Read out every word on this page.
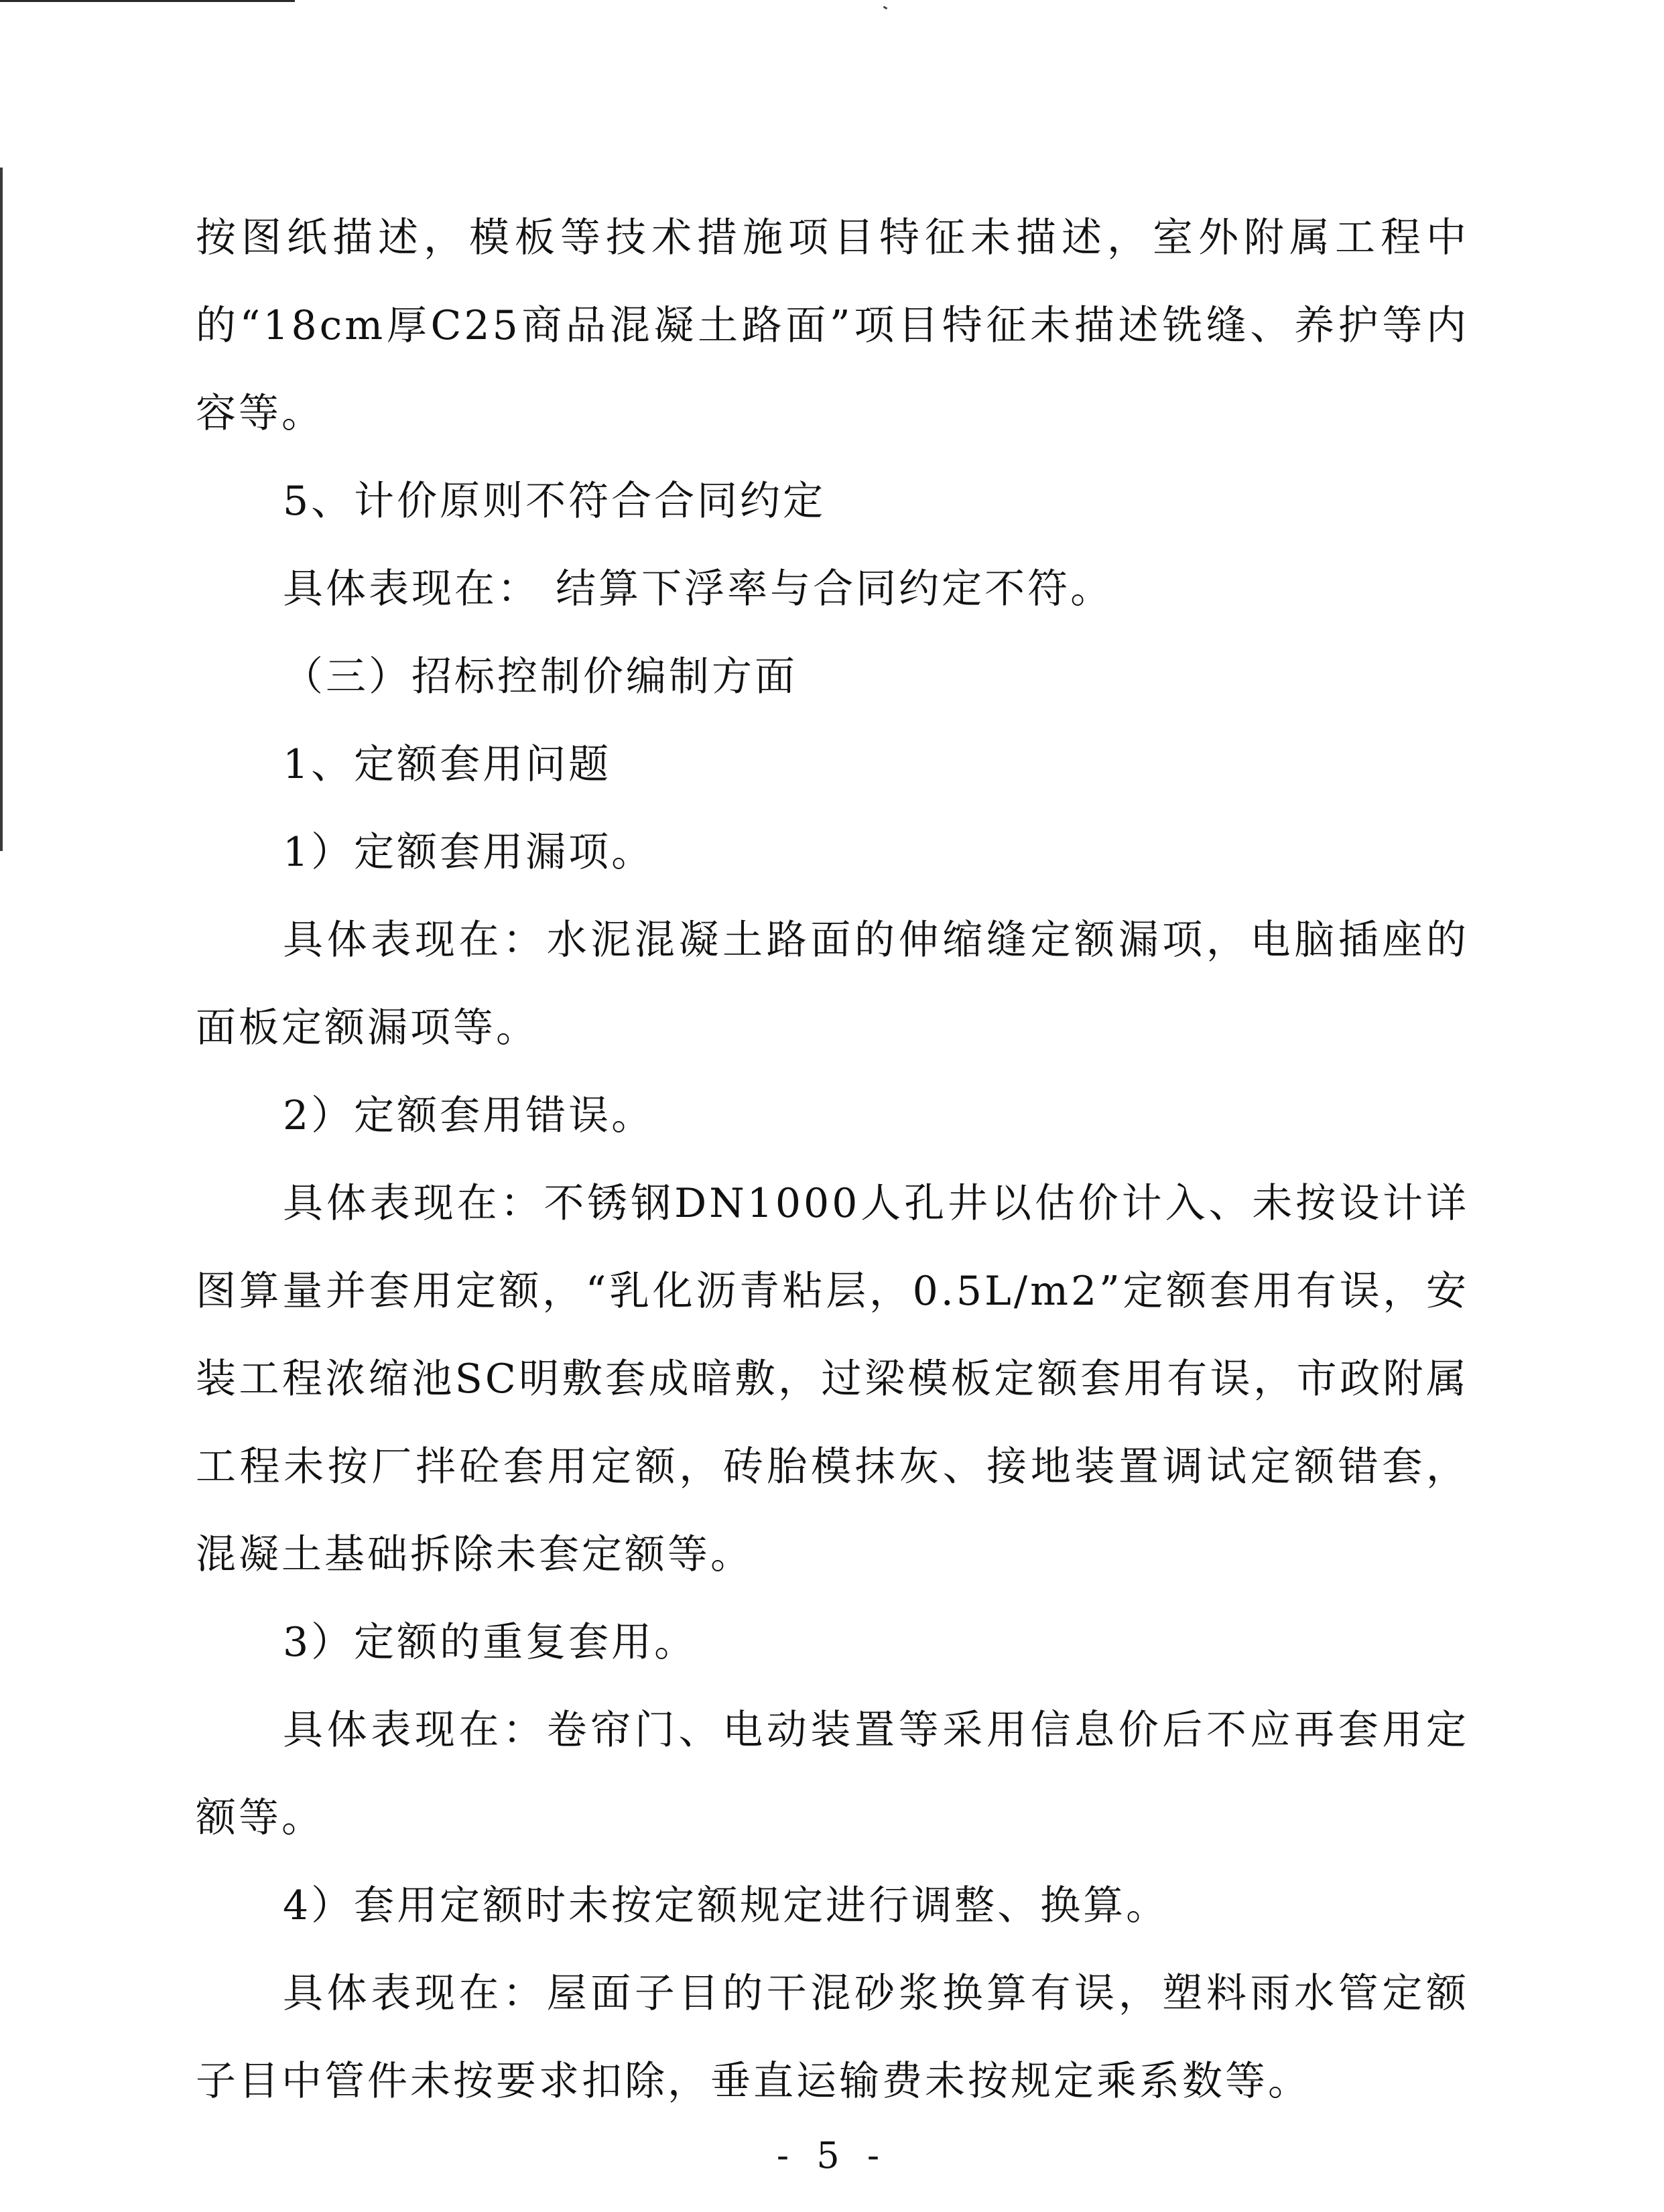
按图纸描述，模板等技术措施项目特征未描述，室外附属工程中的“18cm厚C25商品混凝土路面”项目特征未描述铣缝、养护等内容等。

5、计价原则不符合合同约定

具体表现在： 结算下浮率与合同约定不符。

（三）招标控制价编制方面

1、定额套用问题

1）定额套用漏项。

具体表现在：水泥混凝土路面的伸缩缝定额漏项，电脑插座的面板定额漏项等。

2）定额套用错误。

具体表现在：不锈钢DN1000人孔井以估价计入、未按设计详图算量并套用定额，“乳化沥青粘层，0.5L/m2”定额套用有误，安装工程浓缩池SC明敷套成暗敷，过梁模板定额套用有误，市政附属工程未按厂拌砼套用定额，砖胎模抹灰、接地装置调试定额错套，混凝土基础拆除未套定额等。

3）定额的重复套用。

具体表现在：卷帘门、电动装置等采用信息价后不应再套用定额等。

4）套用定额时未按定额规定进行调整、换算。

具体表现在：屋面子目的干混砂浆换算有误，塑料雨水管定额子目中管件未按要求扣除，垂直运输费未按规定乘系数等。

- 5 -
